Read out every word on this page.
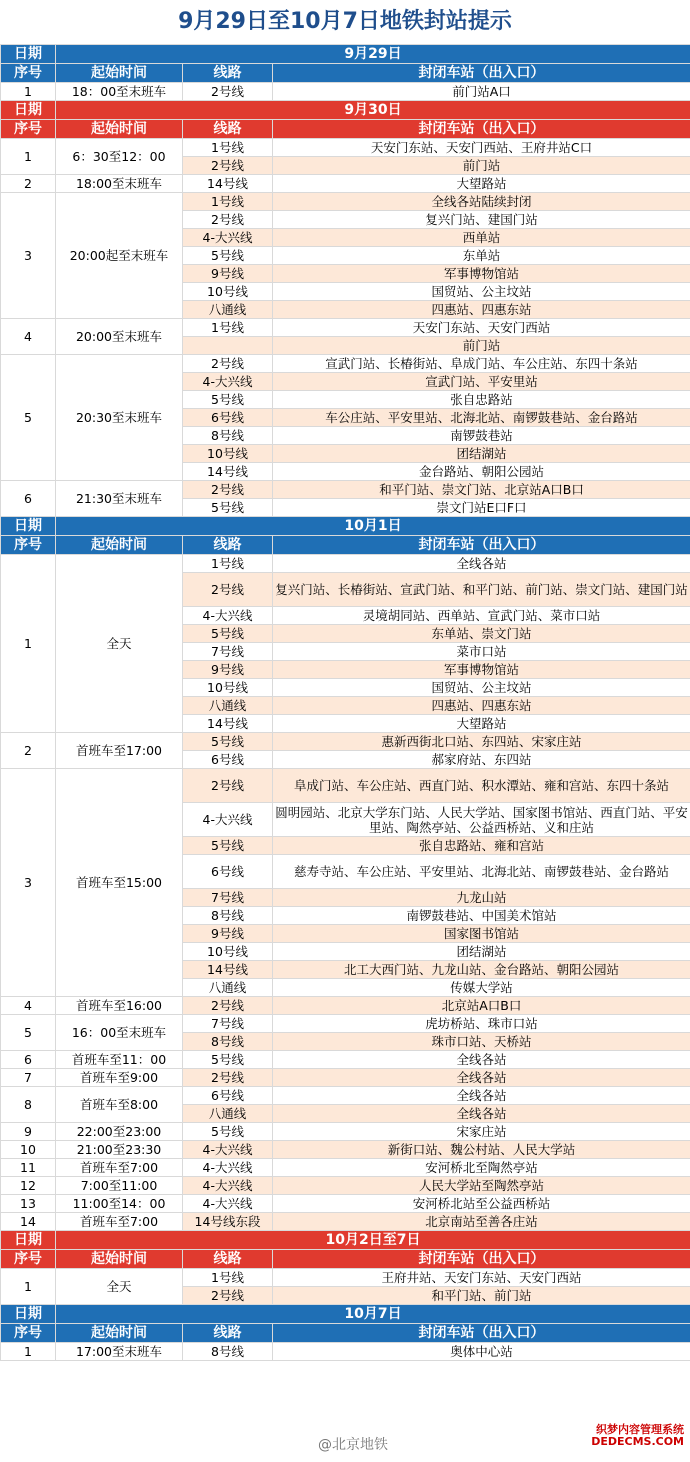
9月29日至10月7日地铁封站提示
日期	9月29日		
序号	起始时间	线路	封闭车站（出入口）
1	18：00至末班车	2号线	前门站A口
日期	9月30日		
序号	起始时间	线路	封闭车站（出入口）
1	6：30至12：00	1号线	天安门东站、天安门西站、王府井站C口
		2号线	前门站
2	18:00至末班车	14号线	大望路站
3	20:00起至末班车	1号线	全线各站陆续封闭
		2号线	复兴门站、建国门站
		4-大兴线	西单站
		5号线	东单站
		9号线	军事博物馆站
		10号线	国贸站、公主坟站
		八通线	四惠站、四惠东站
4	20:00至末班车	1号线	天安门东站、天安门西站
			前门站
5	20:30至末班车	2号线	宣武门站、长椿街站、阜成门站、车公庄站、东四十条站
		4-大兴线	宣武门站、平安里站
		5号线	张自忠路站
		6号线	车公庄站、平安里站、北海北站、南锣鼓巷站、金台路站
		8号线	南锣鼓巷站
		10号线	团结湖站
		14号线	金台路站、朝阳公园站
6	21:30至末班车	2号线	和平门站、崇文门站、北京站A口B口
		5号线	崇文门站E口F口
日期	10月1日		
序号	起始时间	线路	封闭车站（出入口）
1	全天	1号线	全线各站
		2号线	复兴门站、长椿街站、宣武门站、和平门站、前门站、崇文门站、建国门站
		4-大兴线	灵境胡同站、西单站、宣武门站、菜市口站
		5号线	东单站、崇文门站
		7号线	菜市口站
		9号线	军事博物馆站
		10号线	国贸站、公主坟站
		八通线	四惠站、四惠东站
		14号线	大望路站
2	首班车至17:00	5号线	惠新西街北口站、东四站、宋家庄站
		6号线	郝家府站、东四站
3	首班车至15:00	2号线	阜成门站、车公庄站、西直门站、积水潭站、雍和宫站、东四十条站
		4-大兴线	圆明园站、北京大学东门站、人民大学站、国家图书馆站、西直门站、平安里站、陶然亭站、公益西桥站、义和庄站
		5号线	张自忠路站、雍和宫站
		6号线	慈寿寺站、车公庄站、平安里站、北海北站、南锣鼓巷站、金台路站
		7号线	九龙山站
		8号线	南锣鼓巷站、中国美术馆站
		9号线	国家图书馆站
		10号线	团结湖站
		14号线	北工大西门站、九龙山站、金台路站、朝阳公园站
		八通线	传媒大学站
4	首班车至16:00	2号线	北京站A口B口
5	16：00至末班车	7号线	虎坊桥站、珠市口站
		8号线	珠市口站、天桥站
6	首班车至11：00	5号线	全线各站
7	首班车至9:00	2号线	全线各站
8	首班车至8:00	6号线	全线各站
		八通线	全线各站
9	22:00至23:00	5号线	宋家庄站
10	21:00至23:30	4-大兴线	新街口站、魏公村站、人民大学站
11	首班车至7:00	4-大兴线	安河桥北至陶然亭站
12	7:00至11:00	4-大兴线	人民大学站至陶然亭站
13	11:00至14：00	4-大兴线	安河桥北站至公益西桥站
14	首班车至7:00	14号线东段	北京南站至善各庄站
日期	10月2日至7日		
序号	起始时间	线路	封闭车站（出入口）
1	全天	1号线	王府井站、天安门东站、天安门西站
		2号线	和平门站、前门站
日期	10月7日		
序号	起始时间	线路	封闭车站（出入口）
1	17:00至末班车	8号线	奥体中心站
@北京地铁
织梦内容管理系统
DEDECMS.COM
